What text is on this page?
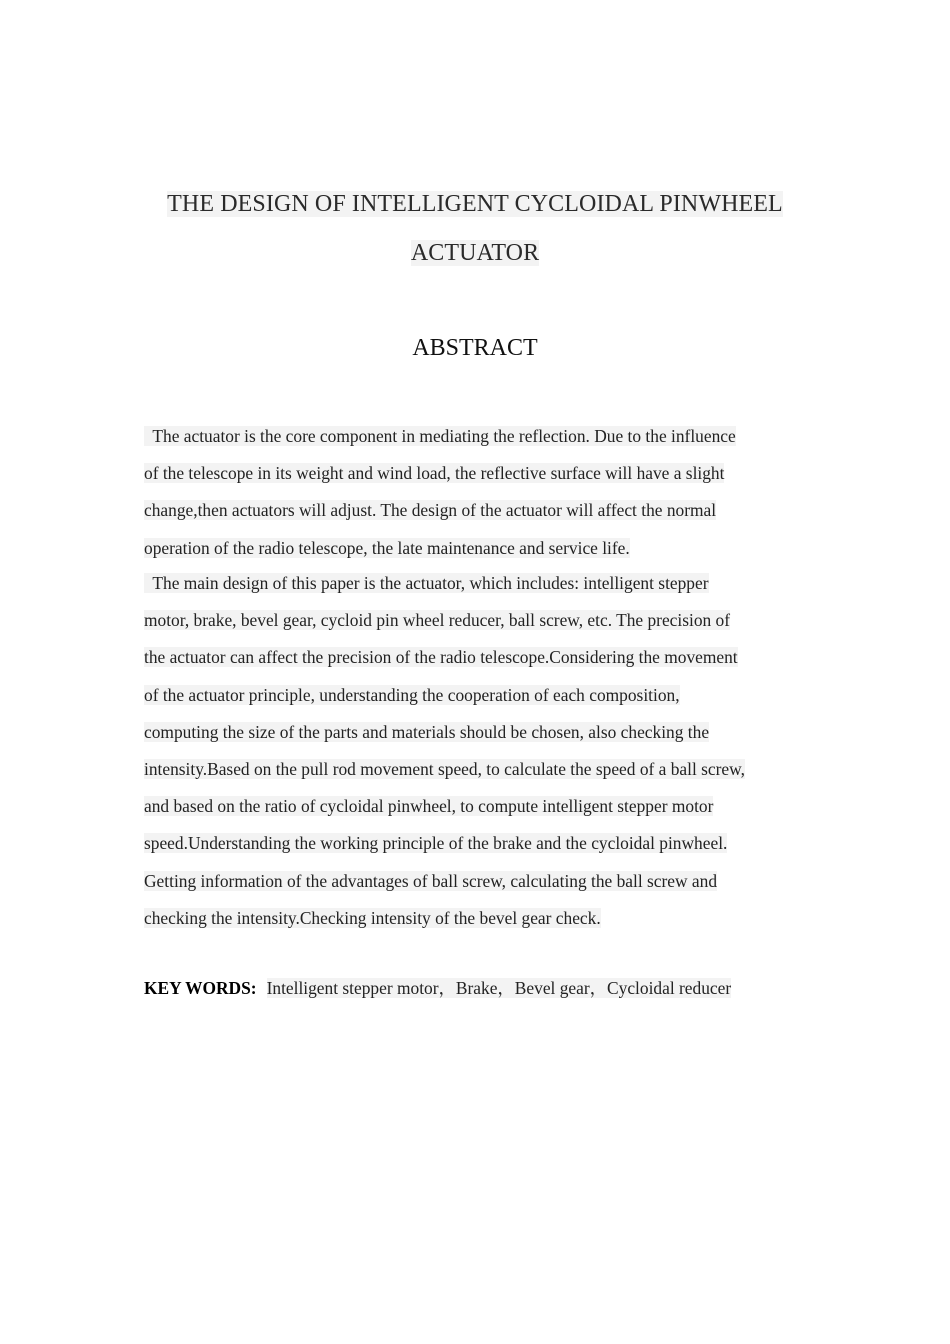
THE DESIGN OF INTELLIGENT CYCLOIDAL PINWHEEL
ACTUATOR
ABSTRACT
The actuator is the core component in mediating the reflection. Due to the influence
of the telescope in its weight and wind load, the reflective surface will have a slight
change,then actuators will adjust. The design of the actuator will affect the normal
operation of the radio telescope, the late maintenance and service life.
The main design of this paper is the actuator, which includes: intelligent stepper
motor, brake, bevel gear, cycloid pin wheel reducer, ball screw, etc. The precision of
the actuator can affect the precision of the radio telescope.Considering the movement
of the actuator principle, understanding the cooperation of each composition,
computing the size of the parts and materials should be chosen, also checking the
intensity.Based on the pull rod movement speed, to calculate the speed of a ball screw,
and based on the ratio of cycloidal pinwheel, to compute intelligent stepper motor
speed.Understanding the working principle of the brake and the cycloidal pinwheel.
Getting information of the advantages of ball screw, calculating the ball screw and
checking the intensity.Checking intensity of the bevel gear check.
KEY WORDS: Intelligent stepper motor，Brake，Bevel gear，Cycloidal reducer
